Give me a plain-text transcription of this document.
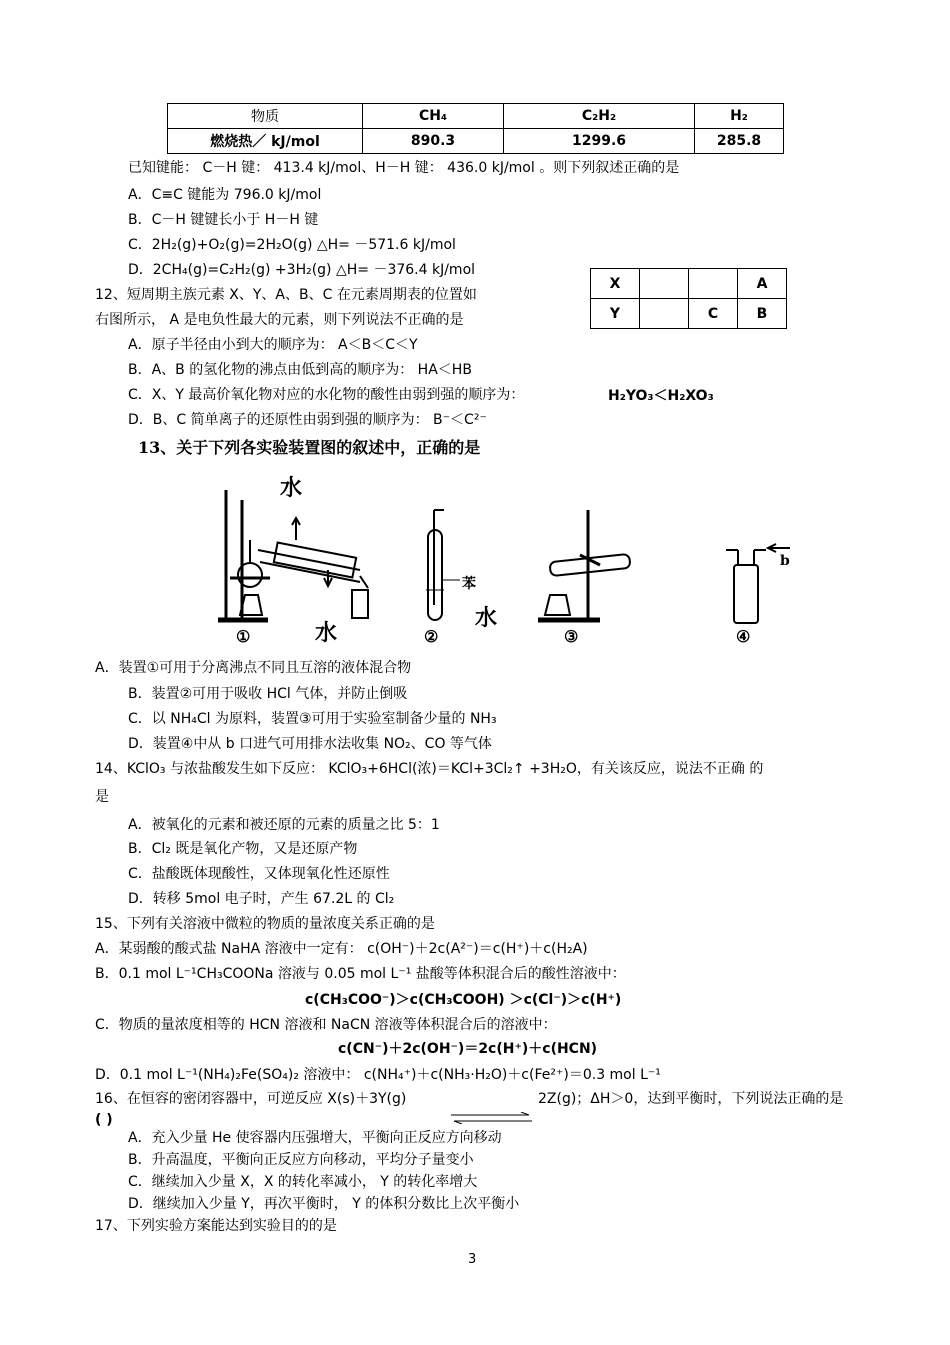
物质	CH₄	C₂H₂	H₂
燃烧热／ kJ/mol	890.3	1299.6	285.8
已知键能： C－H 键： 413.4 kJ/mol、H－H 键： 436.0 kJ/mol 。则下列叙述正确的是
A．C≡C 键能为 796.0 kJ/mol
B．C－H 键键长小于 H－H 键
C．2H₂(g)+O₂(g)=2H₂O(g) △H= －571.6 kJ/mol
D．2CH₄(g)=C₂H₂(g) +3H₂(g) △H= －376.4 kJ/mol
X			A
Y		C	B
12、短周期主族元素 X、Y、A、B、C 在元素周期表的位置如
右图所示， A 是电负性最大的元素，则下列说法不正确的是
A．原子半径由小到大的顺序为： A＜B＜C＜Y
B．A、B 的氢化物的沸点由低到高的顺序为： HA＜HB
C．X、Y 最高价氧化物对应的水化物的酸性由弱到强的顺序为：	H₂YO₃＜H₂XO₃
D．B、C 简单离子的还原性由弱到强的顺序为： B⁻＜C²⁻
13、关于下列各实验装置图的叙述中，正确的是
水
水
苯
水
b
①	②	③	④
A．装置①可用于分离沸点不同且互溶的液体混合物
B．装置②可用于吸收 HCl 气体，并防止倒吸
C．以 NH₄Cl 为原料，装置③可用于实验室制备少量的 NH₃
D．装置④中从 b 口进气可用排水法收集 NO₂、CO 等气体
14、KClO₃ 与浓盐酸发生如下反应： KClO₃+6HCl(浓)＝KCl+3Cl₂↑ +3H₂O，有关该反应，说法不正确 的
是
A．被氧化的元素和被还原的元素的质量之比 5：1
B．Cl₂ 既是氧化产物，又是还原产物
C．盐酸既体现酸性，又体现氧化性还原性
D．转移 5mol 电子时，产生 67.2L 的 Cl₂
15、下列有关溶液中微粒的物质的量浓度关系正确的是
A．某弱酸的酸式盐 NaHA 溶液中一定有： c(OH⁻)＋2c(A²⁻)＝c(H⁺)＋c(H₂A)
B．0.1 mol L⁻¹CH₃COONa 溶液与 0.05 mol L⁻¹ 盐酸等体积混合后的酸性溶液中：
c(CH₃COO⁻)＞c(CH₃COOH) ＞c(Cl⁻)＞c(H⁺)
C．物质的量浓度相等的 HCN 溶液和 NaCN 溶液等体积混合后的溶液中：
c(CN⁻)＋2c(OH⁻)＝2c(H⁺)＋c(HCN)
D．0.1 mol L⁻¹(NH₄)₂Fe(SO₄)₂ 溶液中： c(NH₄⁺)＋c(NH₃·H₂O)＋c(Fe²⁺)＝0.3 mol L⁻¹
16、在恒容的密闭容器中，可逆反应 X(s)＋3Y(g)	2Z(g)；ΔH＞0，达到平衡时，下列说法正确的是
( )
A．充入少量 He 使容器内压强增大，平衡向正反应方向移动
B．升高温度，平衡向正反应方向移动，平均分子量变小
C．继续加入少量 X，X 的转化率减小， Y 的转化率增大
D．继续加入少量 Y，再次平衡时， Y 的体积分数比上次平衡小
17、下列实验方案能达到实验目的的是
3
